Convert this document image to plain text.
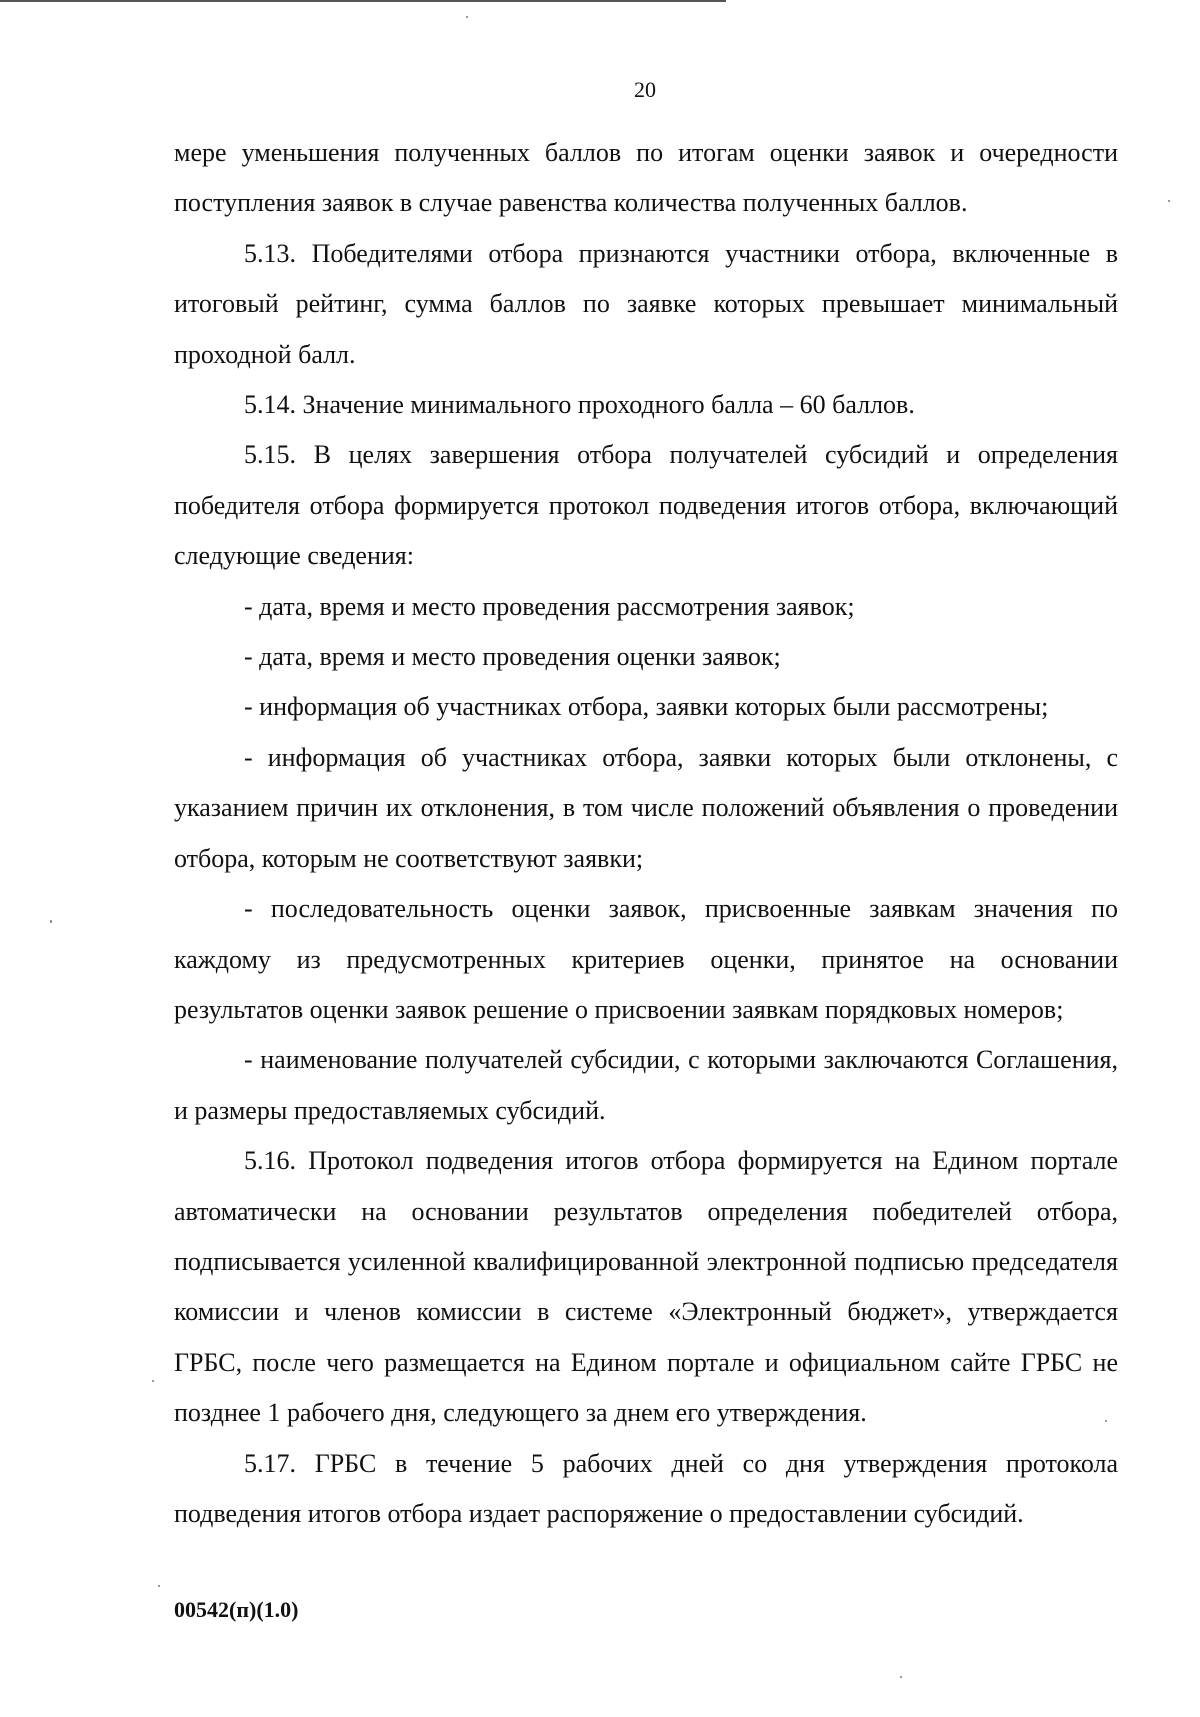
20

мере уменьшения полученных баллов по итогам оценки заявок и очередности поступления заявок в случае равенства количества полученных баллов.

5.13. Победителями отбора признаются участники отбора, включенные в итоговый рейтинг, сумма баллов по заявке которых превышает минимальный проходной балл.

5.14. Значение минимального проходного балла – 60 баллов.

5.15. В целях завершения отбора получателей субсидий и определения победителя отбора формируется протокол подведения итогов отбора, включающий следующие сведения:

- дата, время и место проведения рассмотрения заявок;

- дата, время и место проведения оценки заявок;

- информация об участниках отбора, заявки которых были рассмотрены;

- информация об участниках отбора, заявки которых были отклонены, с указанием причин их отклонения, в том числе положений объявления о проведении отбора, которым не соответствуют заявки;

- последовательность оценки заявок, присвоенные заявкам значения по каждому из предусмотренных критериев оценки, принятое на основании результатов оценки заявок решение о присвоении заявкам порядковых номеров;

- наименование получателей субсидии, с которыми заключаются Соглашения, и размеры предоставляемых субсидий.

5.16. Протокол подведения итогов отбора формируется на Едином портале автоматически на основании результатов определения победителей отбора, подписывается усиленной квалифицированной электронной подписью председателя комиссии и членов комиссии в системе «Электронный бюджет», утверждается ГРБС, после чего размещается на Едином портале и официальном сайте ГРБС не позднее 1 рабочего дня, следующего за днем его утверждения.

5.17. ГРБС в течение 5 рабочих дней со дня утверждения протокола подведения итогов отбора издает распоряжение о предоставлении субсидий.

00542(п)(1.0)
